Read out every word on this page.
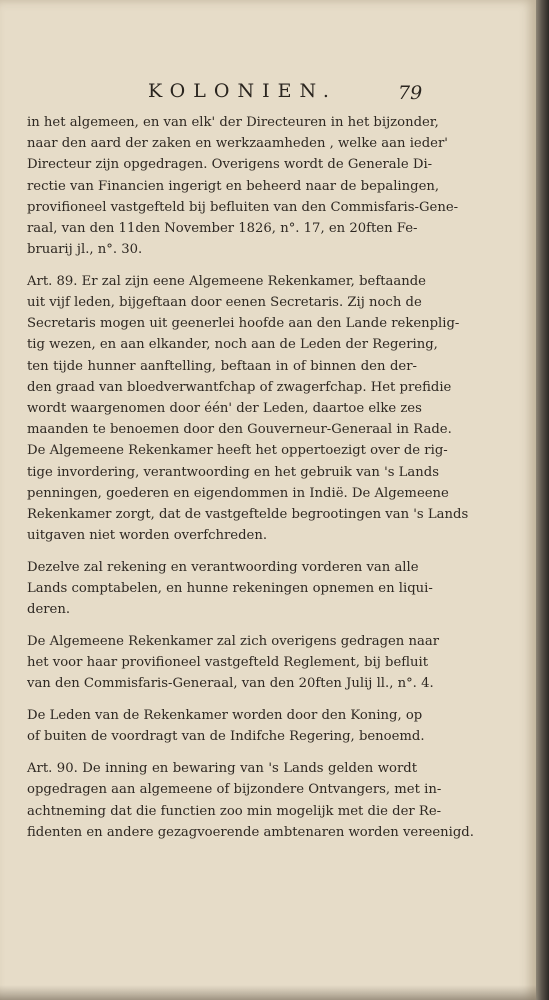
KOLONIEN.	79
in het algemeen, en van elk' der Directeuren in het bijzonder,
naar den aard der zaken en werkzaamheden , welke aan ieder'
Directeur zijn opgedragen. Overigens wordt de Generale Di-
rectie van Financien ingerigt en beheerd naar de bepalingen,
provifioneel vastgefteld bij befluiten van den Commisfaris-Gene-
raal, van den 11den November 1826, n°. 17, en 20ften Fe-
bruarij jl., n°. 30.
Art. 89. Er zal zijn eene Algemeene Rekenkamer, beftaande
uit vijf leden, bijgeftaan door eenen Secretaris. Zij noch de
Secretaris mogen uit geenerlei hoofde aan den Lande rekenplig-
tig wezen, en aan elkander, noch aan de Leden der Regering,
ten tijde hunner aanftelling, beftaan in of binnen den der-
den graad van bloedverwantfchap of zwagerfchap. Het prefidie
wordt waargenomen door één' der Leden, daartoe elke zes
maanden te benoemen door den Gouverneur-Generaal in Rade.
De Algemeene Rekenkamer heeft het oppertoezigt over de rig-
tige invordering, verantwoording en het gebruik van 's Lands
penningen, goederen en eigendommen in Indië. De Algemeene
Rekenkamer zorgt, dat de vastgeftelde begrootingen van 's Lands
uitgaven niet worden overfchreden.
Dezelve zal rekening en verantwoording vorderen van alle
Lands comptabelen, en hunne rekeningen opnemen en liqui-
deren.
De Algemeene Rekenkamer zal zich overigens gedragen naar
het voor haar provifioneel vastgefteld Reglement, bij befluit
van den Commisfaris-Generaal, van den 20ften Julij ll., n°. 4.
De Leden van de Rekenkamer worden door den Koning, op
of buiten de voordragt van de Indifche Regering, benoemd.
Art. 90. De inning en bewaring van 's Lands gelden wordt
opgedragen aan algemeene of bijzondere Ontvangers, met in-
achtneming dat die functien zoo min mogelijk met die der Re-
fidenten en andere gezagvoerende ambtenaren worden vereenigd.
